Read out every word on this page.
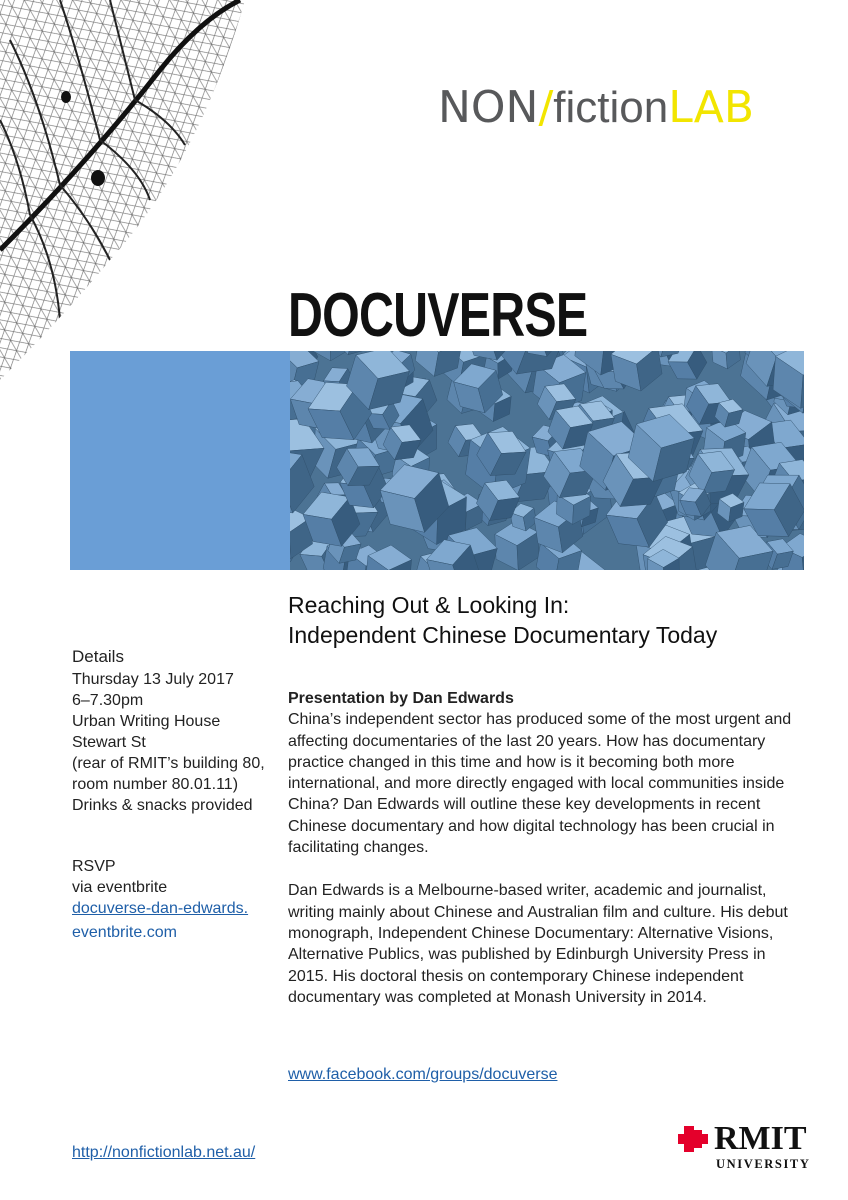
NON/fictionLAB
DOCUVERSE
Reaching Out & Looking In:
Independent Chinese Documentary Today
Details
Thursday 13 July 2017
6–7.30pm
Urban Writing House
Stewart St
(rear of RMIT’s building 80,
room number 80.01.11)
Drinks & snacks provided
RSVP
via eventbrite
docuverse-dan-edwards.
eventbrite.com

Presentation by Dan Edwards

China’s independent sector has produced some of the most urgent and affecting documentaries of the last 20 years. How has documentary practice changed in this time and how is it becoming both more international, and more directly engaged with local communities inside China? Dan Edwards will outline these key developments in recent Chinese documentary and how digital technology has been crucial in facilitating changes.

Dan Edwards is a Melbourne-based writer, academic and journalist, writing mainly about Chinese and Australian film and culture. His debut monograph, Independent Chinese Documentary: Alternative Visions, Alternative Publics, was published by Edinburgh University Press in 2015. His doctoral thesis on contemporary Chinese independent documentary was completed at Monash University in 2014.

www.facebook.com/groups/docuverse
http://nonfictionlab.net.au/	RMIT
UNIVERSITY
